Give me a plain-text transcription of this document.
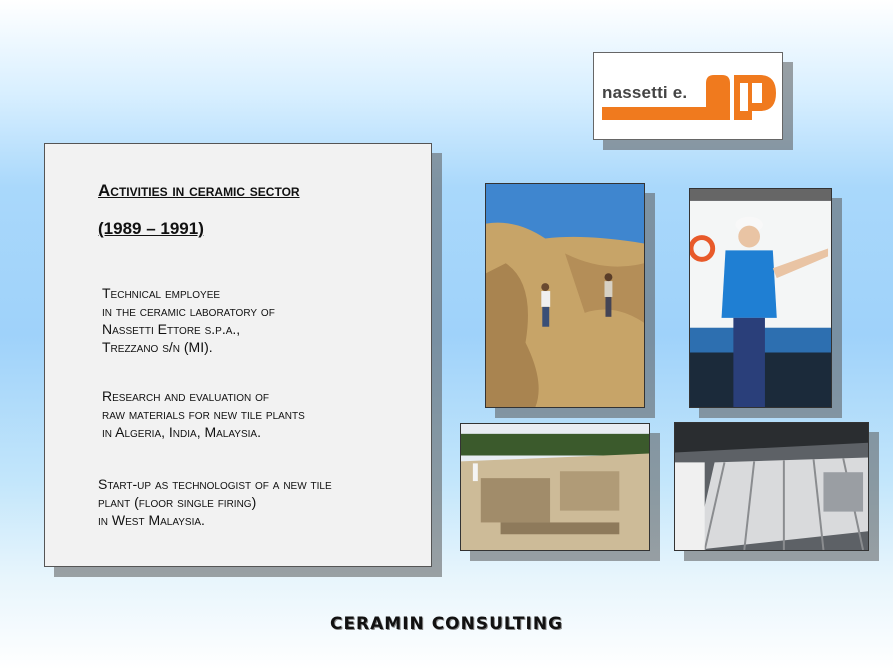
nassetti e.
Activities in ceramic sector
(1989 – 1991)
Technical employee
in the ceramic laboratory of
Nassetti Ettore s.p.a.,
Trezzano s/n (MI).
Research and evaluation of
raw materials for new tile plants
in Algeria, India, Malaysia.
Start-up as technologist of a new tile
plant (floor single firing)
in West Malaysia.
CERAMIN CONSULTING
